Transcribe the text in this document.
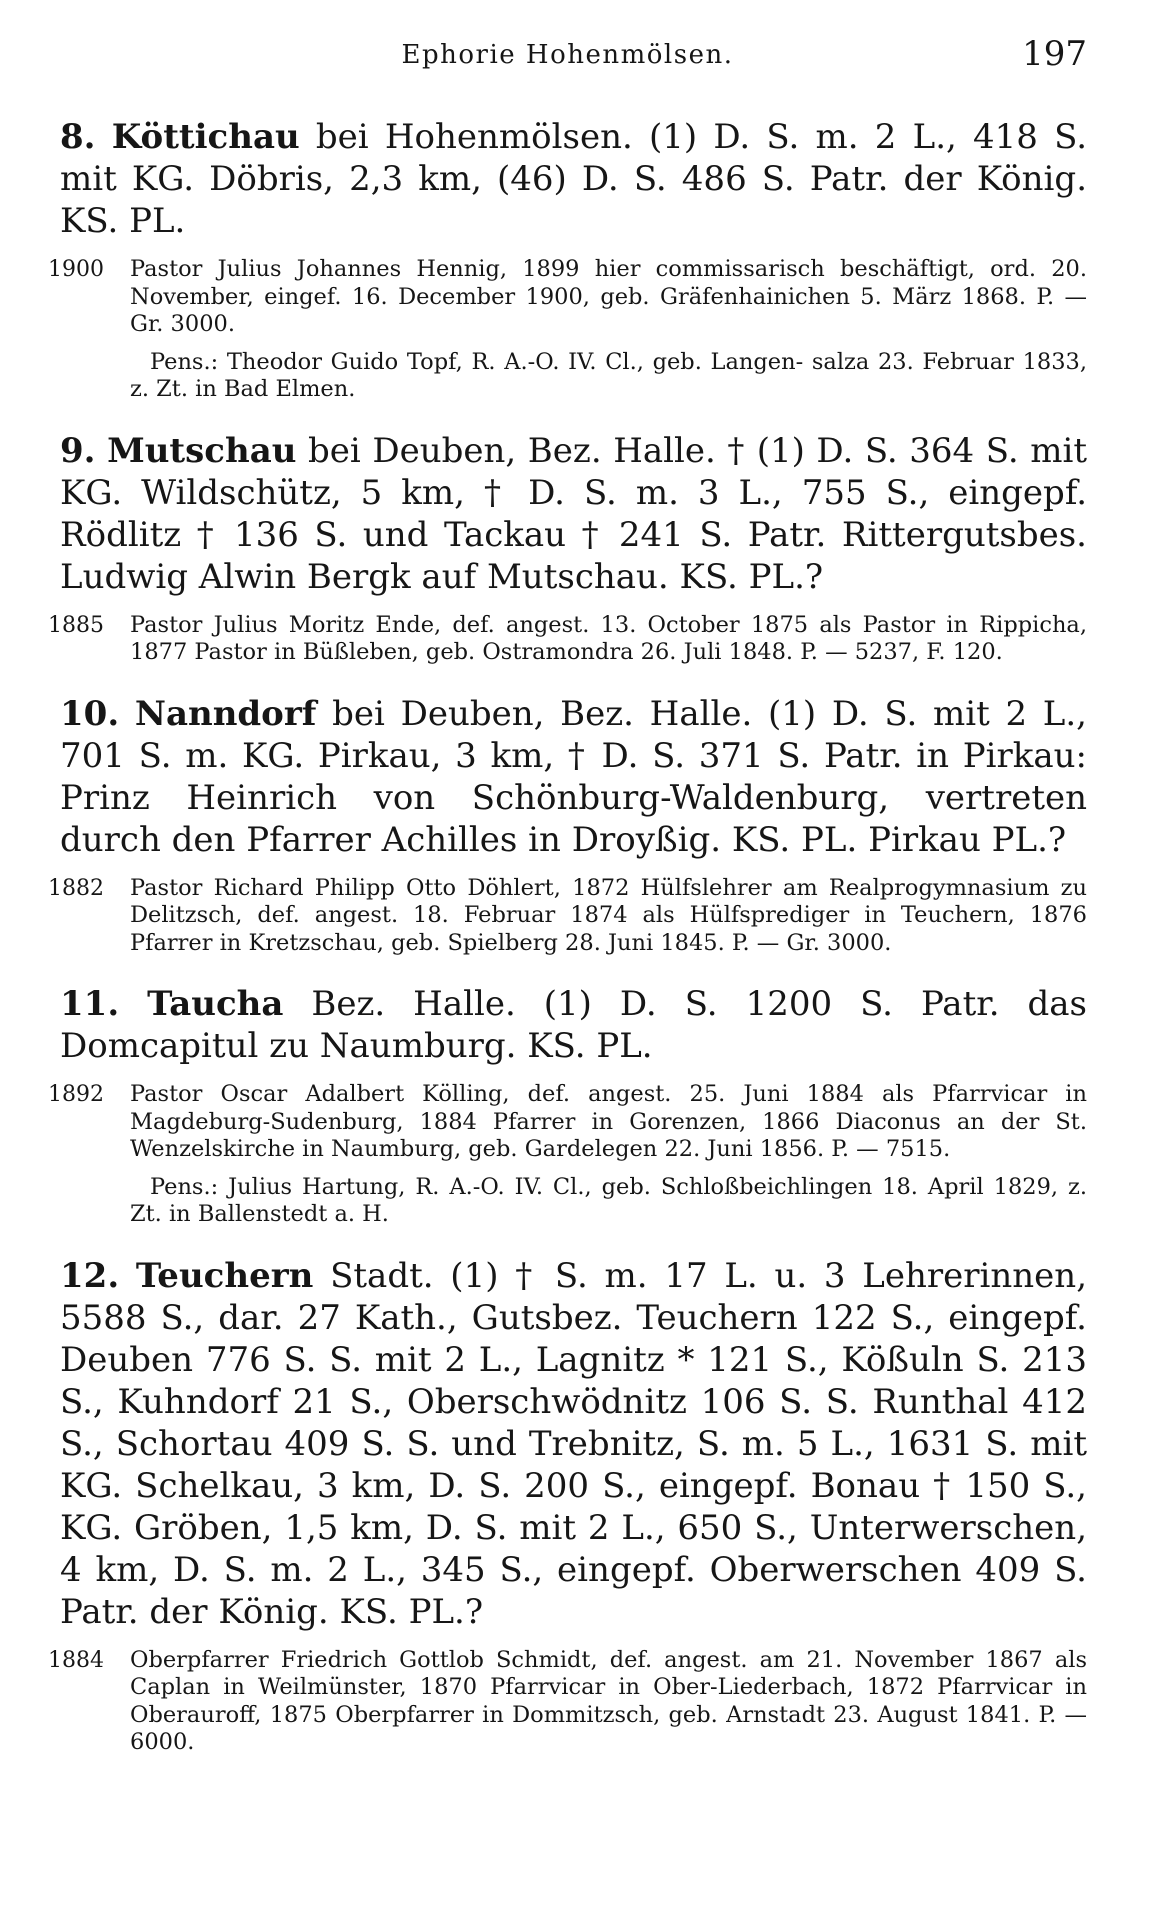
Ephorie Hohenmölsen.	197

8. Köttichau bei Hohenmölsen. (1) D. S. m. 2 L., 418 S. mit KG. Döbris, 2,3 km, (46) D. S. 486 S. Patr. der König. KS. PL.

1900	Pastor Julius Johannes Hennig, 1899 hier commissarisch beschäftigt, ord. 20. November, eingef. 16. December 1900, geb. Gräfenhainichen 5. März 1868. P. — Gr. 3000.
Pens.: Theodor Guido Topf, R. A.-O. IV. Cl., geb. Langen- salza 23. Februar 1833, z. Zt. in Bad Elmen.

9. Mutschau bei Deuben, Bez. Halle. † (1) D. S. 364 S. mit KG. Wildschütz, 5 km, † D. S. m. 3 L., 755 S., eingepf. Rödlitz † 136 S. und Tackau † 241 S. Patr. Rittergutsbes. Ludwig Alwin Bergk auf Mutschau. KS. PL.?

1885	Pastor Julius Moritz Ende, def. angest. 13. October 1875 als Pastor in Rippicha, 1877 Pastor in Büßleben, geb. Ostramondra 26. Juli 1848. P. — 5237, F. 120.

10. Nanndorf bei Deuben, Bez. Halle. (1) D. S. mit 2 L., 701 S. m. KG. Pirkau, 3 km, † D. S. 371 S. Patr. in Pirkau: Prinz Heinrich von Schönburg-Waldenburg, vertreten durch den Pfarrer Achilles in Droyßig. KS. PL. Pirkau PL.?

1882	Pastor Richard Philipp Otto Döhlert, 1872 Hülfslehrer am Realprogymnasium zu Delitzsch, def. angest. 18. Februar 1874 als Hülfsprediger in Teuchern, 1876 Pfarrer in Kretzschau, geb. Spielberg 28. Juni 1845. P. — Gr. 3000.

11. Taucha Bez. Halle. (1) D. S. 1200 S. Patr. das Domcapitul zu Naumburg. KS. PL.

1892	Pastor Oscar Adalbert Kölling, def. angest. 25. Juni 1884 als Pfarrvicar in Magdeburg-Sudenburg, 1884 Pfarrer in Gorenzen, 1866 Diaconus an der St. Wenzelskirche in Naumburg, geb. Gardelegen 22. Juni 1856. P. — 7515.
Pens.: Julius Hartung, R. A.-O. IV. Cl., geb. Schloßbeichlingen 18. April 1829, z. Zt. in Ballenstedt a. H.

12. Teuchern Stadt. (1) † S. m. 17 L. u. 3 Lehrerinnen, 5588 S., dar. 27 Kath., Gutsbez. Teuchern 122 S., eingepf. Deuben 776 S. S. mit 2 L., Lagnitz * 121 S., Kößuln S. 213 S., Kuhndorf 21 S., Oberschwödnitz 106 S. S. Runthal 412 S., Schortau 409 S. S. und Trebnitz, S. m. 5 L., 1631 S. mit KG. Schelkau, 3 km, D. S. 200 S., eingepf. Bonau † 150 S., KG. Gröben, 1,5 km, D. S. mit 2 L., 650 S., Unterwerschen, 4 km, D. S. m. 2 L., 345 S., eingepf. Oberwerschen 409 S. Patr. der König. KS. PL.?

1884	Oberpfarrer Friedrich Gottlob Schmidt, def. angest. am 21. November 1867 als Caplan in Weilmünster, 1870 Pfarrvicar in Ober-Liederbach, 1872 Pfarrvicar in Oberauroff, 1875 Oberpfarrer in Dommitzsch, geb. Arnstadt 23. August 1841. P. — 6000.
